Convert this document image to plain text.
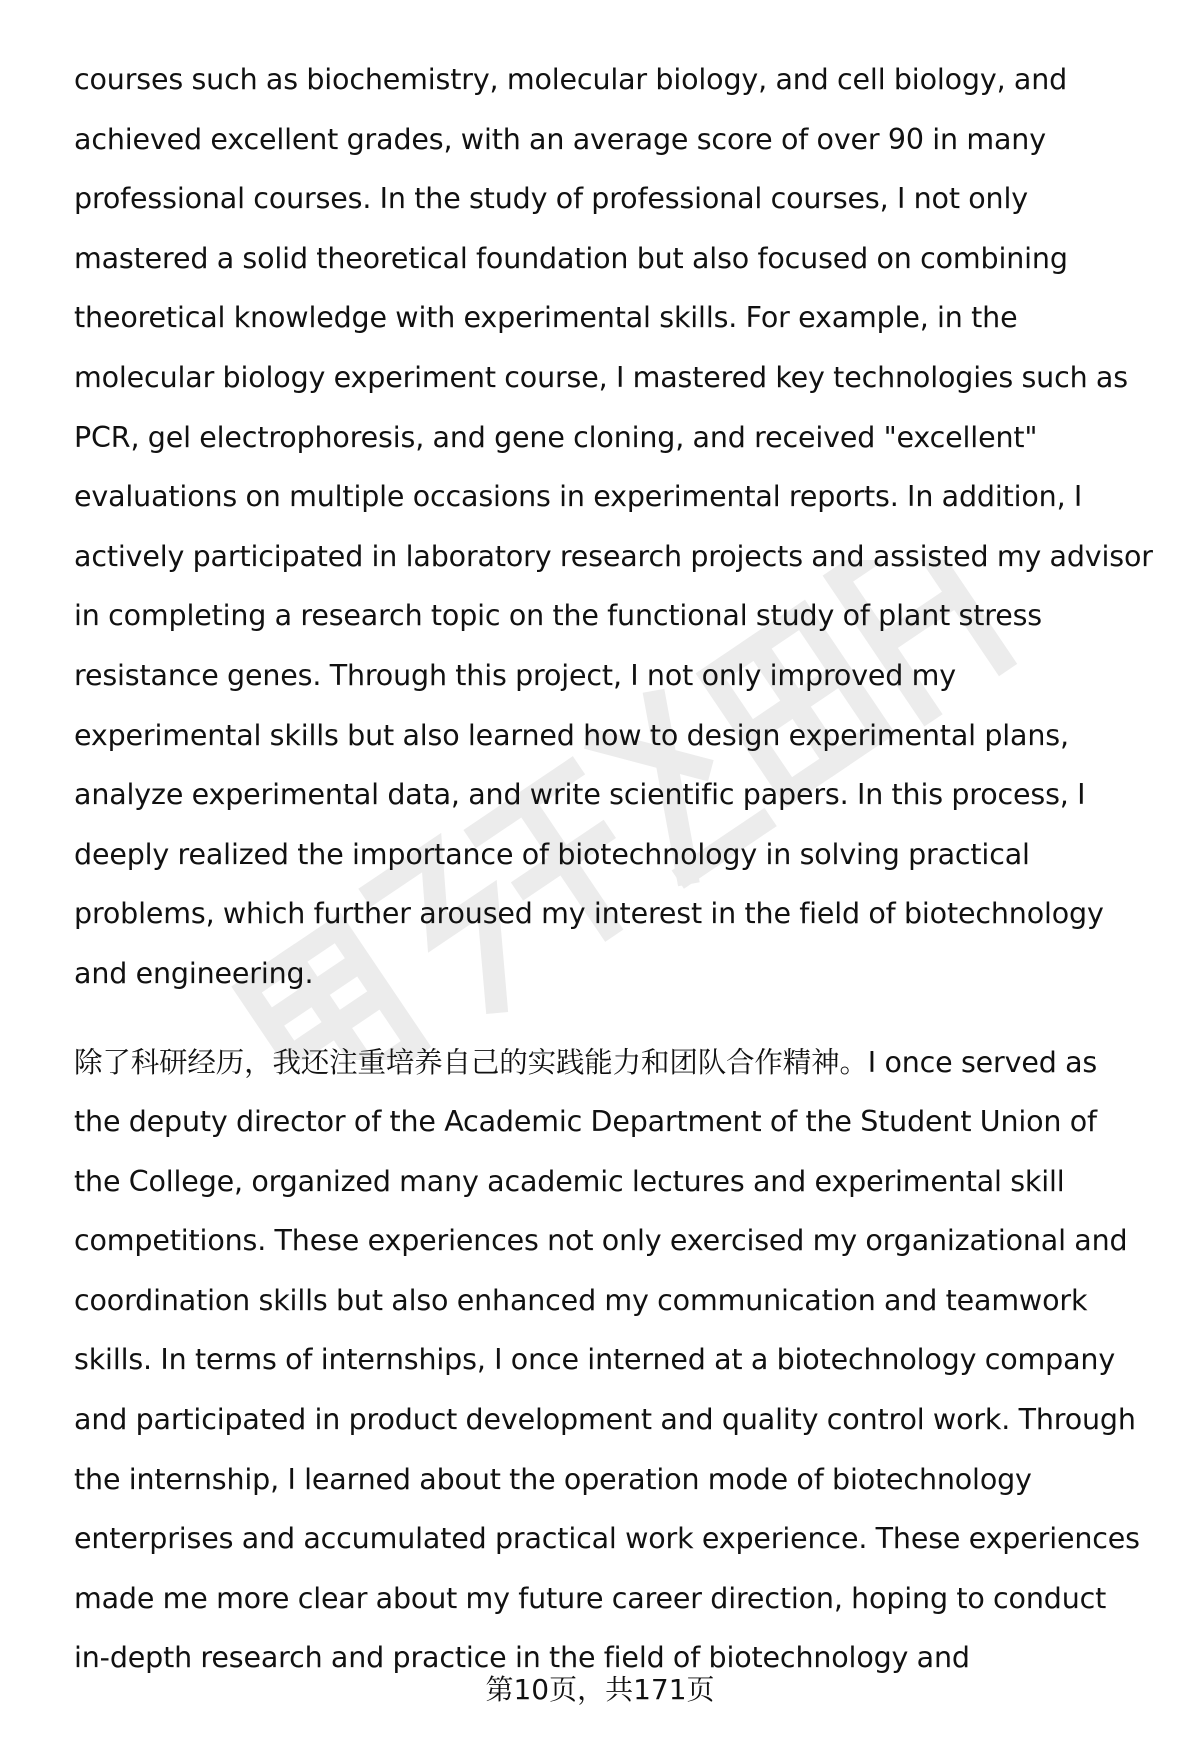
courses such as biochemistry, molecular biology, and cell biology, and
achieved excellent grades, with an average score of over 90 in many
professional courses. In the study of professional courses, I not only
mastered a solid theoretical foundation but also focused on combining
theoretical knowledge with experimental skills. For example, in the
molecular biology experiment course, I mastered key technologies such as
PCR, gel electrophoresis, and gene cloning, and received "excellent"
evaluations on multiple occasions in experimental reports. In addition, I
actively participated in laboratory research projects and assisted my advisor
in completing a research topic on the functional study of plant stress
resistance genes. Through this project, I not only improved my
experimental skills but also learned how to design experimental plans,
analyze experimental data, and write scientific papers. In this process, I
deeply realized the importance of biotechnology in solving practical
problems, which further aroused my interest in the field of biotechnology
and engineering.

除了科研经历，我还注重培养自己的实践能力和团队合作精神。I once served as
the deputy director of the Academic Department of the Student Union of
the College, organized many academic lectures and experimental skill
competitions. These experiences not only exercised my organizational and
coordination skills but also enhanced my communication and teamwork
skills. In terms of internships, I once interned at a biotechnology company
and participated in product development and quality control work. Through
the internship, I learned about the operation mode of biotechnology
enterprises and accumulated practical work experience. These experiences
made me more clear about my future career direction, hoping to conduct
in-depth research and practice in the field of biotechnology and

第10页，共171页
